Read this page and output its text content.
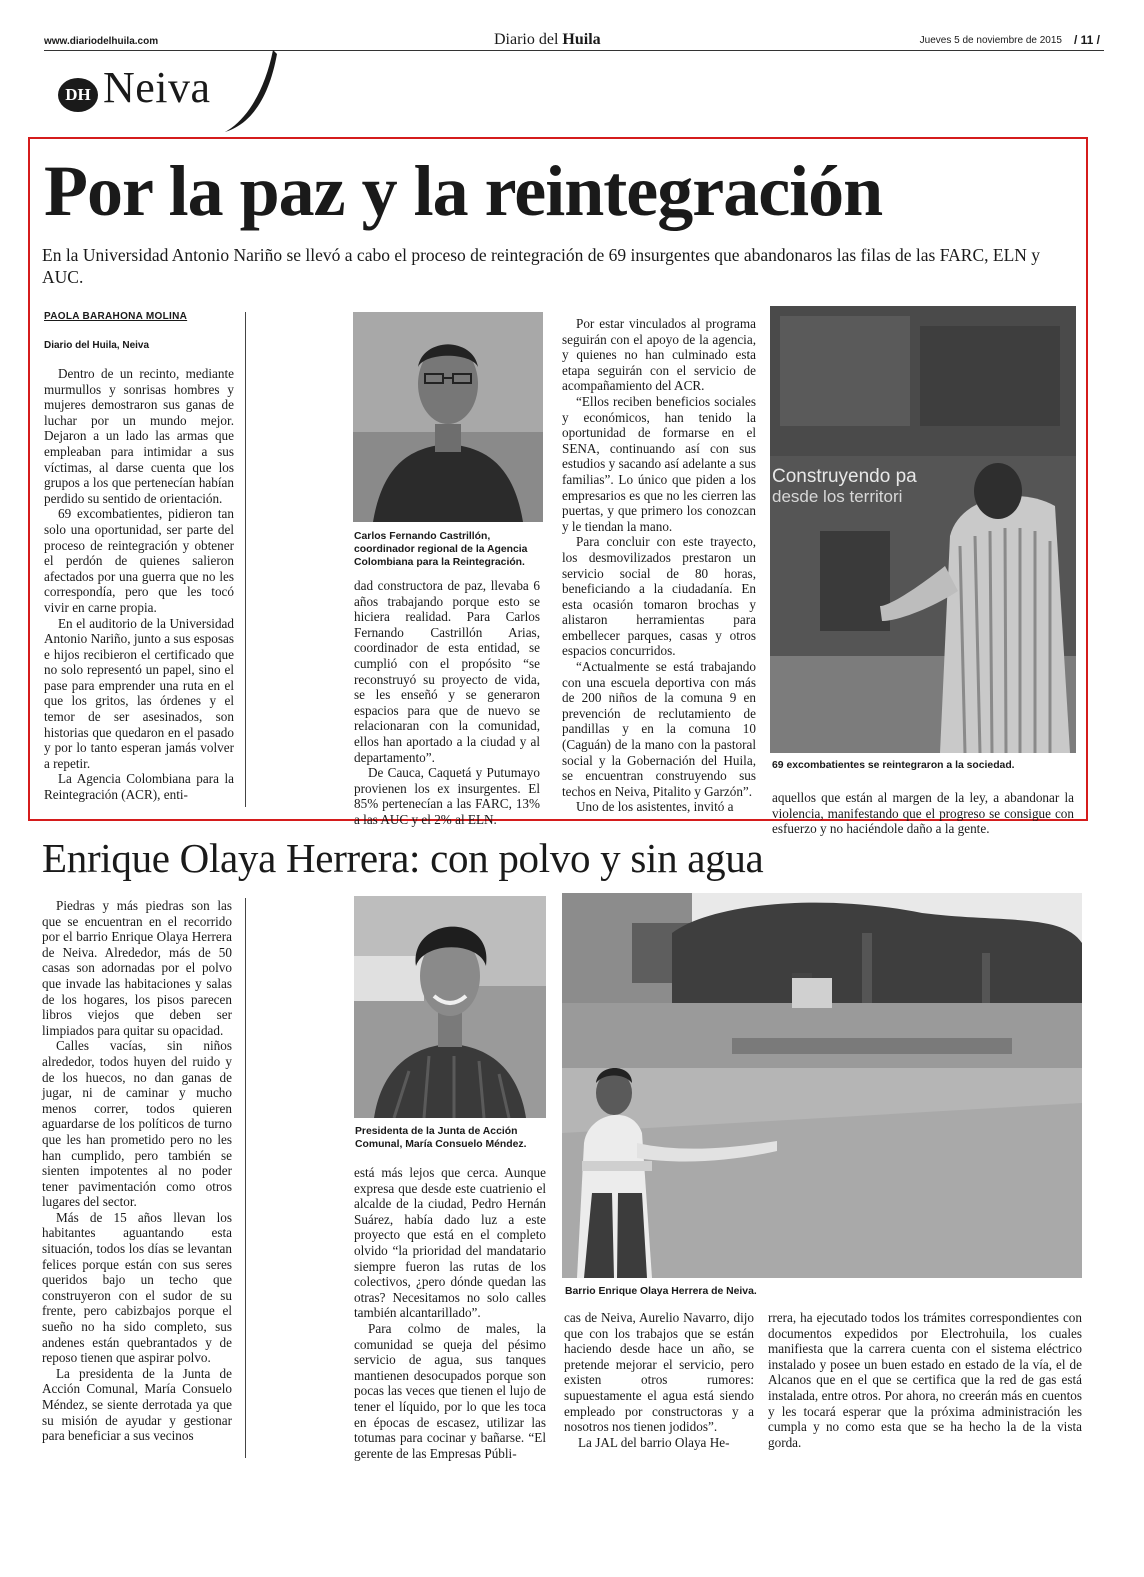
www.diariodelhuila.com	Diario del Huila	Jueves 5 de noviembre de 2015 / 11 /
DH Neiva
Por la paz y la reintegración
En la Universidad Antonio Nariño se llevó a cabo el proceso de reintegración de 69 insurgentes que abandonaros las filas de las FARC, ELN y AUC.
PAOLA BARAHONA MOLINA
Diario del Huila, Neiva

Dentro de un recinto, mediante murmullos y sonrisas hombres y mujeres demostraron sus ganas de luchar por un mundo mejor. Dejaron a un lado las armas que empleaban para intimidar a sus víctimas, al darse cuenta que los grupos a los que pertenecían habían perdido su sentido de orientación.

69 excombatientes, pidieron tan solo una oportunidad, ser parte del proceso de reintegración y obtener el perdón de quienes salieron afectados por una guerra que no les correspondía, pero que les tocó vivir en carne propia.

En el auditorio de la Universidad Antonio Nariño, junto a sus esposas e hijos recibieron el certificado que no solo representó un papel, sino el pase para emprender una ruta en el que los gritos, las órdenes y el temor de ser asesinados, son historias que quedaron en el pasado y por lo tanto esperan jamás volver a repetir.

La Agencia Colombiana para la Reintegración (ACR), enti-

Carlos Fernando Castrillón, coordinador regional de la Agencia Colombiana para la Reintegración.

dad constructora de paz, llevaba 6 años trabajando porque esto se hiciera realidad. Para Carlos Fernando Castrillón Arias, coordinador de esta entidad, se cumplió con el propósito “se reconstruyó su proyecto de vida, se les enseñó y se generaron espacios para que de nuevo se relacionaran con la comunidad, ellos han aportado a la ciudad y al departamento”.

De Cauca, Caquetá y Putumayo provienen los ex insurgentes. El 85% pertenecían a las FARC, 13% a las AUC y el 2% al ELN.

Por estar vinculados al programa seguirán con el apoyo de la agencia, y quienes no han culminado esta etapa seguirán con el servicio de acompañamiento del ACR.

“Ellos reciben beneficios sociales y económicos, han tenido la oportunidad de formarse en el SENA, continuando así con sus estudios y sacando así adelante a sus familias”. Lo único que piden a los empresarios es que no les cierren las puertas, y que primero los conozcan y le tiendan la mano.

Para concluir con este trayecto, los desmovilizados prestaron un servicio social de 80 horas, beneficiando a la ciudadanía. En esta ocasión tomaron brochas y alistaron herramientas para embellecer parques, casas y otros espacios concurridos.

“Actualmente se está trabajando con una escuela deportiva con más de 200 niños de la comuna 9 en prevención de reclutamiento de pandillas y en la comuna 10 (Caguán) de la mano con la pastoral social y la Gobernación del Huila, se encuentran construyendo sus techos en Neiva, Pitalito y Garzón”.

Uno de los asistentes, invitó a

Construyendo pa
desde los territori
69 excombatientes se reintegraron a la sociedad.

aquellos que están al margen de la ley, a abandonar la violencia, manifestando que el progreso se consigue con esfuerzo y no haciéndole daño a la gente.

Enrique Olaya Herrera: con polvo y sin agua

Piedras y más piedras son las que se encuentran en el recorrido por el barrio Enrique Olaya Herrera de Neiva. Alrededor, más de 50 casas son adornadas por el polvo que invade las habitaciones y salas de los hogares, los pisos parecen libros viejos que deben ser limpiados para quitar su opacidad.

Calles vacías, sin niños alrededor, todos huyen del ruido y de los huecos, no dan ganas de jugar, ni de caminar y mucho menos correr, todos quieren aguardarse de los políticos de turno que les han prometido pero no les han cumplido, pero también se sienten impotentes al no poder tener pavimentación como otros lugares del sector.

Más de 15 años llevan los habitantes aguantando esta situación, todos los días se levantan felices porque están con sus seres queridos bajo un techo que construyeron con el sudor de su frente, pero cabizbajos porque el sueño no ha sido completo, sus andenes están quebrantados y de reposo tienen que aspirar polvo.

La presidenta de la Junta de Acción Comunal, María Consuelo Méndez, se siente derrotada ya que su misión de ayudar y gestionar para beneficiar a sus vecinos

Presidenta de la Junta de Acción Comunal, María Consuelo Méndez.

está más lejos que cerca. Aunque expresa que desde este cuatrienio el alcalde de la ciudad, Pedro Hernán Suárez, había dado luz a este proyecto que está en el completo olvido “la prioridad del mandatario siempre fueron las rutas de los colectivos, ¿pero dónde quedan las otras? Necesitamos no solo calles también alcantarillado”.

Para colmo de males, la comunidad se queja del pésimo servicio de agua, sus tanques mantienen desocupados porque son pocas las veces que tienen el lujo de tener el líquido, por lo que les toca en épocas de escasez, utilizar las totumas para cocinar y bañarse. “El gerente de las Empresas Públi-

Barrio Enrique Olaya Herrera de Neiva.

cas de Neiva, Aurelio Navarro, dijo que con los trabajos que se están haciendo desde hace un año, se pretende mejorar el servicio, pero existen otros rumores: supuestamente el agua está siendo empleado por constructoras y a nosotros nos tienen jodidos”.

La JAL del barrio Olaya He-

rrera, ha ejecutado todos los trámites correspondientes con documentos expedidos por Electrohuila, los cuales manifiesta que la carrera cuenta con el sistema eléctrico instalado y posee un buen estado en estado de la vía, el de Alcanos que en el que se certifica que la red de gas está instalada, entre otros. Por ahora, no creerán más en cuentos y les tocará esperar que la próxima administración les cumpla y no como esta que se ha hecho la de la vista gorda.
